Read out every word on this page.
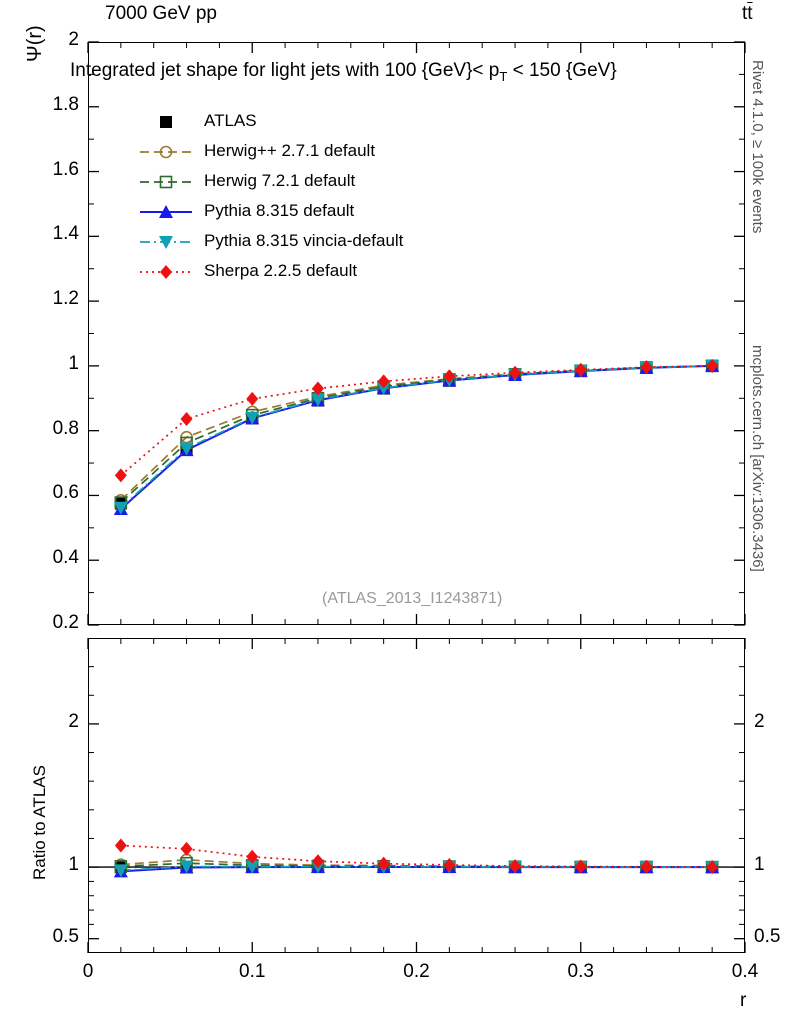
7000 GeV pp	$t\overline{t}$
Ψ(r)
Integrated jet shape for light jets with 100 $\{GeV\}< p_T < 150$ {GeV}	Rivet 4.1.0, ≥ 100k events
mcplots.cern.ch [arXiv:1306.3436]
(ATLAS_2013_I1243871)
Ratio to ATLAS
r
0	0.1	0.2	0.3	0.4
0.2
0.4
0.6
0.8
1
1.2
1.4
1.6
1.8
2
0.5	0.5
1	1
2	2
ATLAS
Herwig++ 2.7.1 default
Herwig 7.2.1 default
Pythia 8.315 default
Pythia 8.315 vincia-default
Sherpa 2.2.5 default
